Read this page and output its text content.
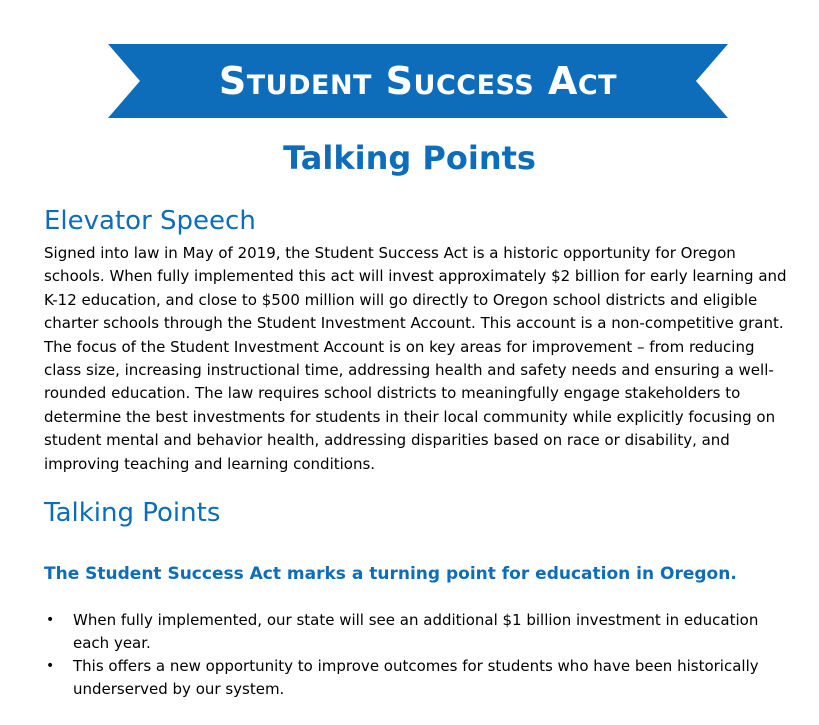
Student Success Act
Talking Points
Elevator Speech
Signed into law in May of 2019, the Student Success Act is a historic opportunity for Oregon schools. When fully implemented this act will invest approximately $2 billion for early learning and K-12 education, and close to $500 million will go directly to Oregon school districts and eligible charter schools through the Student Investment Account. This account is a non-competitive grant. The focus of the Student Investment Account is on key areas for improvement – from reducing class size, increasing instructional time, addressing health and safety needs and ensuring a well-rounded education. The law requires school districts to meaningfully engage stakeholders to determine the best investments for students in their local community while explicitly focusing on student mental and behavior health, addressing disparities based on race or disability, and improving teaching and learning conditions.
Talking Points
The Student Success Act marks a turning point for education in Oregon.
• When fully implemented, our state will see an additional $1 billion investment in education each year.
• This offers a new opportunity to improve outcomes for students who have been historically underserved by our system.
